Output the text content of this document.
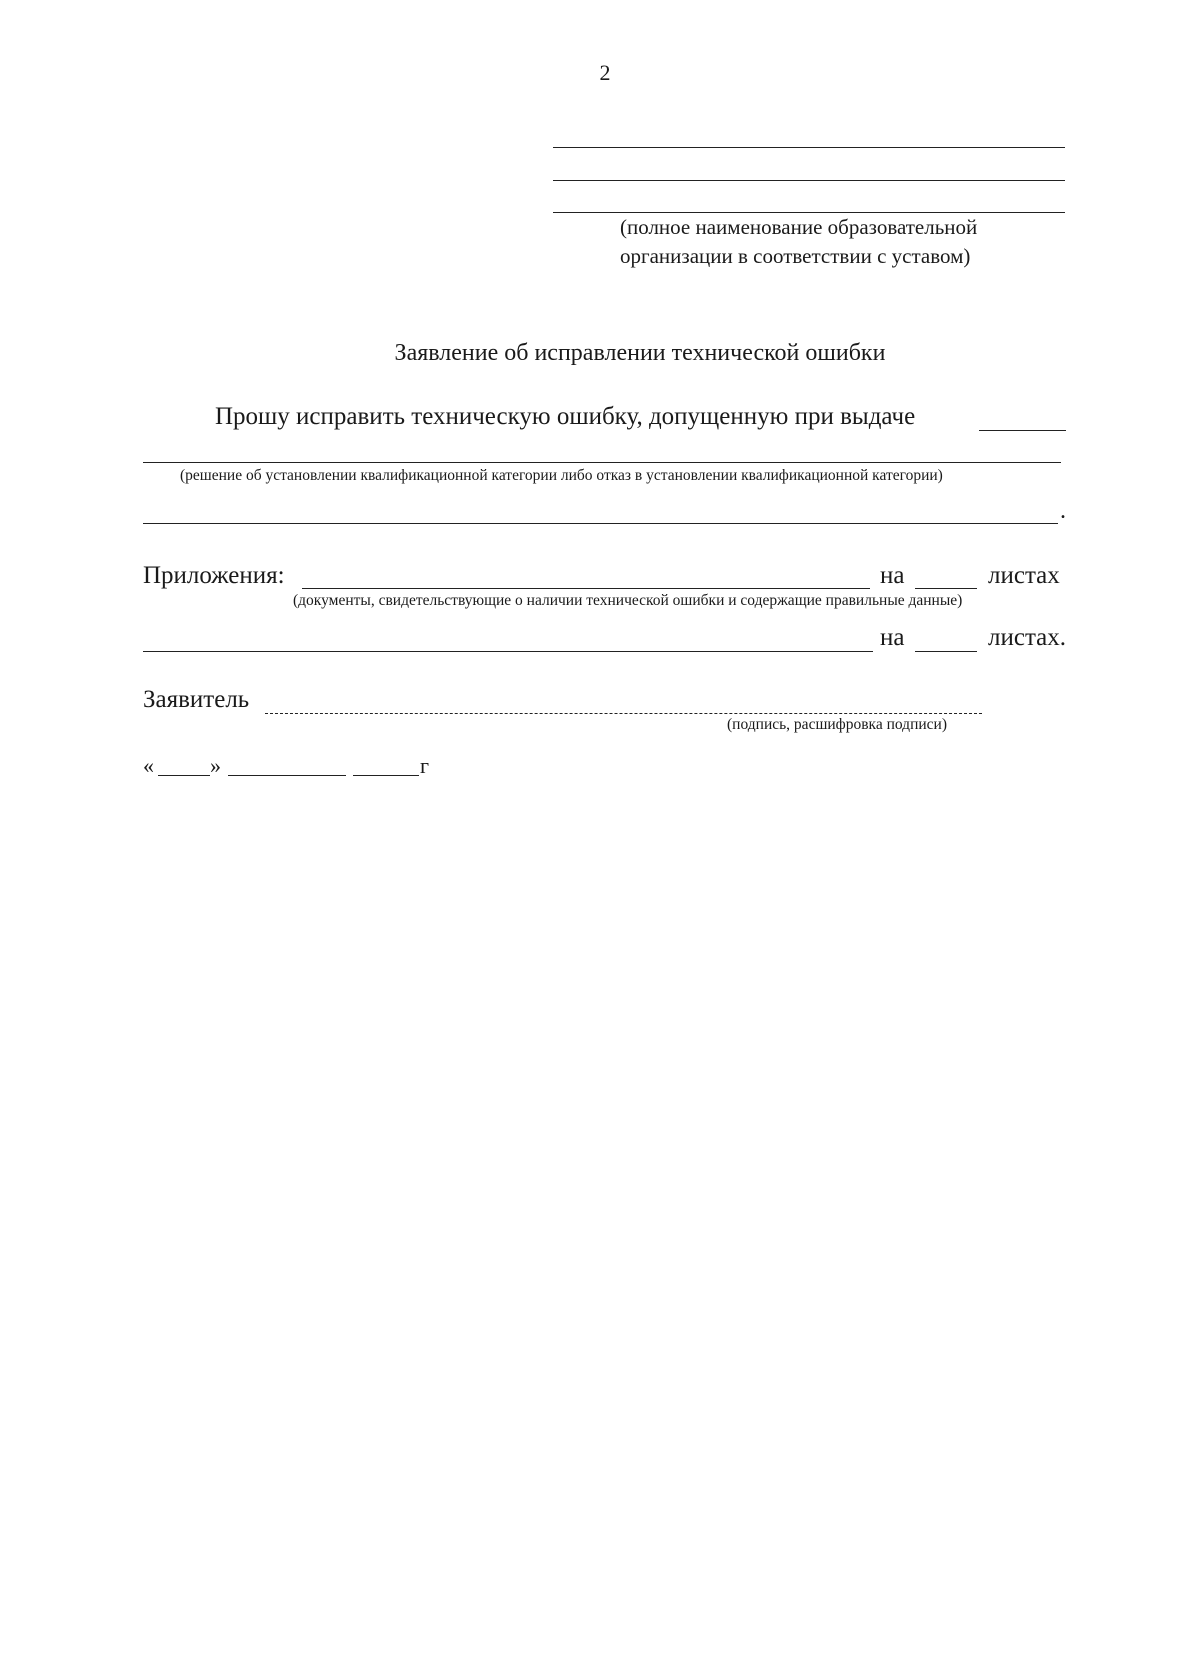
2
(полное наименование образовательной организации в соответствии с уставом)
Заявление об исправлении технической ошибки
Прошу исправить техническую ошибку, допущенную при выдаче
(решение об установлении квалификационной категории либо отказ в установлении квалификационной категории)
.
Приложения:	на	листах
(документы, свидетельствующие о наличии технической ошибки и содержащие правильные данные)
на	листах.
Заявитель
(подпись, расшифровка подписи)
«	»	г
